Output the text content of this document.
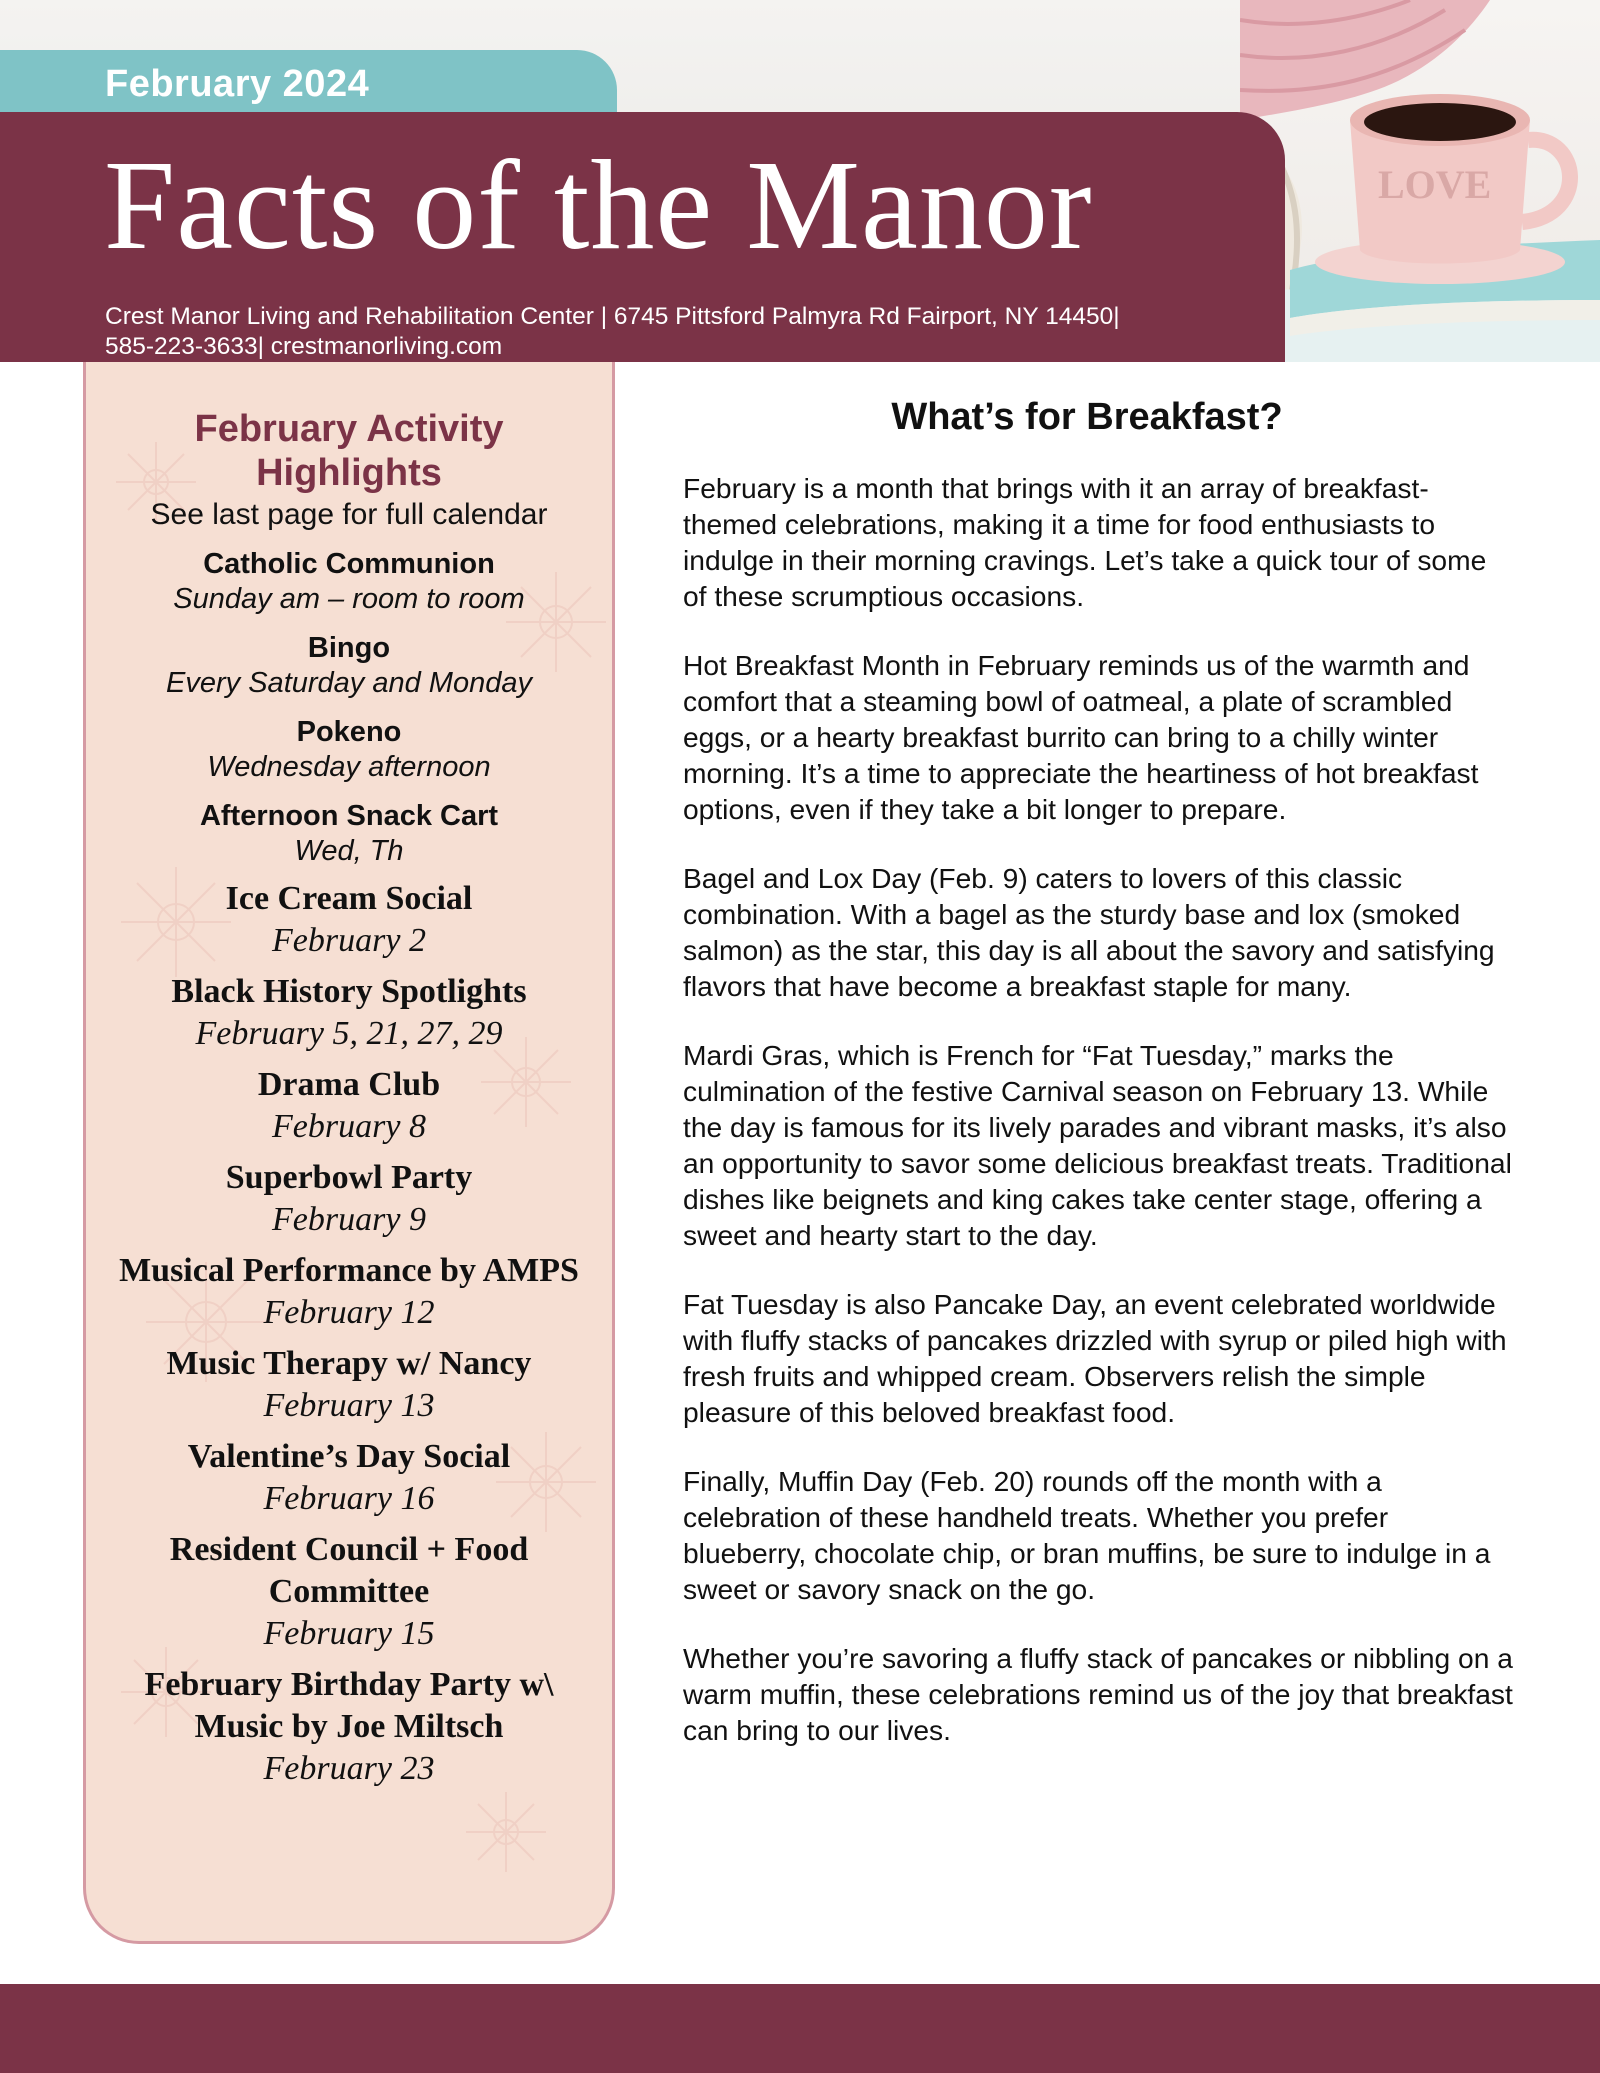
LOVE
February 2024
Facts of the Manor
Crest Manor Living and Rehabilitation Center | 6745 Pittsford Palmyra Rd Fairport, NY 14450|
585-223-3633| crestmanorliving.com
February Activity Highlights
See last page for full calendar
Catholic Communion
Sunday am – room to room
Bingo
Every Saturday and Monday
Pokeno
Wednesday afternoon
Afternoon Snack Cart
Wed, Th
Ice Cream Social
February 2
Black History Spotlights
February 5, 21, 27, 29
Drama Club
February 8
Superbowl Party
February 9
Musical Performance by AMPS
February 12
Music Therapy w/ Nancy
February 13
Valentine’s Day Social
February 16
Resident Council + Food Committee
February 15
February Birthday Party w\ Music by Joe Miltsch
February 23
What’s for Breakfast?

February is a month that brings with it an array of breakfast-themed celebrations, making it a time for food enthusiasts to indulge in their morning cravings. Let’s take a quick tour of some of these scrumptious occasions.

Hot Breakfast Month in February reminds us of the warmth and comfort that a steaming bowl of oatmeal, a plate of scrambled eggs, or a hearty breakfast burrito can bring to a chilly winter morning. It’s a time to appreciate the heartiness of hot breakfast options, even if they take a bit longer to prepare.

Bagel and Lox Day (Feb. 9) caters to lovers of this classic combination. With a bagel as the sturdy base and lox (smoked salmon) as the star, this day is all about the savory and satisfying flavors that have become a breakfast staple for many.

Mardi Gras, which is French for “Fat Tuesday,” marks the culmination of the festive Carnival season on February 13. While the day is famous for its lively parades and vibrant masks, it’s also an opportunity to savor some delicious breakfast treats. Traditional dishes like beignets and king cakes take center stage, offering a sweet and hearty start to the day.

Fat Tuesday is also Pancake Day, an event celebrated worldwide with fluffy stacks of pancakes drizzled with syrup or piled high with fresh fruits and whipped cream. Observers relish the simple pleasure of this beloved breakfast food.

Finally, Muffin Day (Feb. 20) rounds off the month with a celebration of these handheld treats. Whether you prefer blueberry, chocolate chip, or bran muffins, be sure to indulge in a sweet or savory snack on the go.

Whether you’re savoring a fluffy stack of pancakes or nibbling on a warm muffin, these celebrations remind us of the joy that breakfast can bring to our lives.
